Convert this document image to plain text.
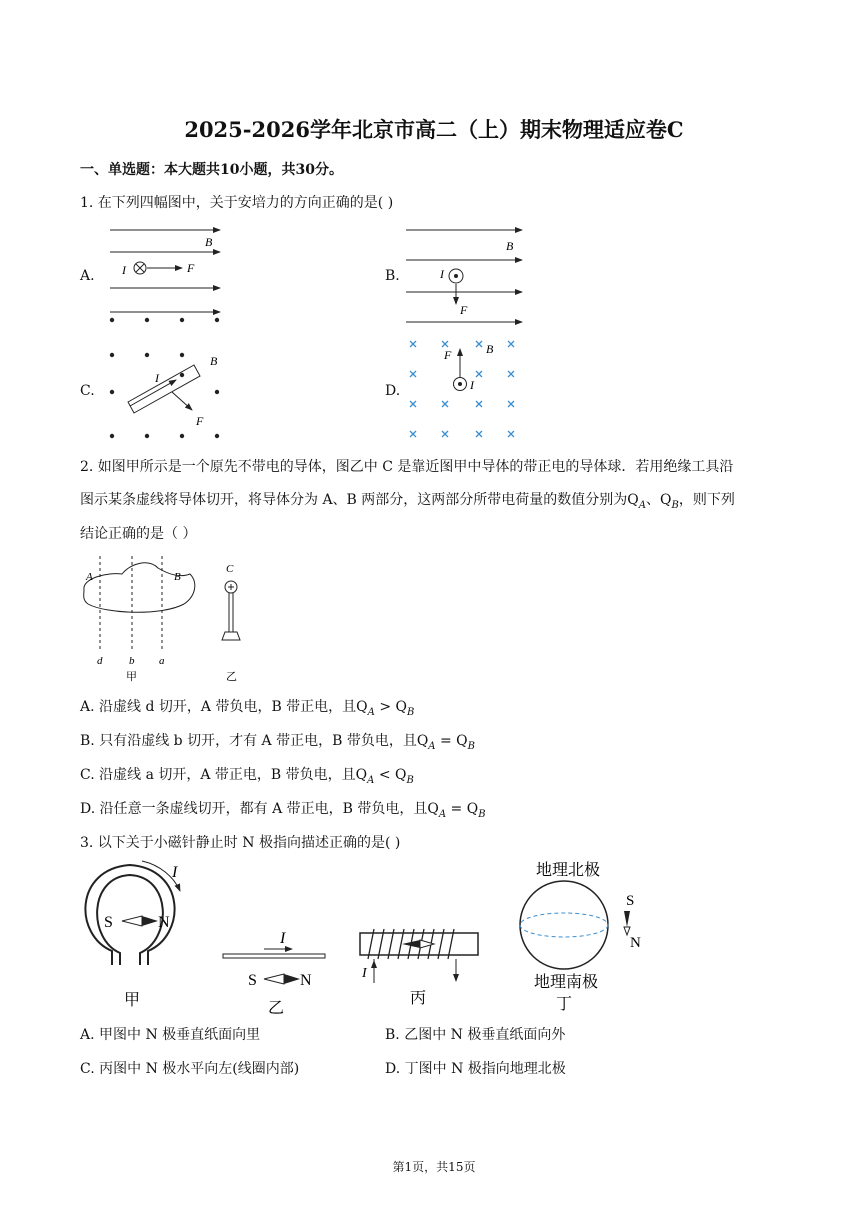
2025-2026学年北京市高二（上）期末物理适应卷C
一、单选题：本大题共10小题，共30分。
1. 在下列四幅图中，关于安培力的方向正确的是( )
A.
B
I	F	B.
B
I
F
C.
I
B
F
D.
B
F
I
2. 如图甲所示是一个原先不带电的导体，图乙中 C 是靠近图甲中导体的带正电的导体球．若用绝缘工具沿
图示某条虚线将导体切开，将导体分为 A、B 两部分，这两部分所带电荷量的数值分别为$Q_A$、$Q_B$，则下列
结论正确的是（ ）
A	B
d b a
甲
C
乙
A. 沿虚线 d 切开，A 带负电，B 带正电，且$Q_A > Q_B$
B. 只有沿虚线 b 切开，才有 A 带正电，B 带负电，且$Q_A = Q_B$
C. 沿虚线 a 切开，A 带正电，B 带负电，且$Q_A < Q_B$
D. 沿任意一条虚线切开，都有 A 带正电，B 带负电，且$Q_A = Q_B$
3. 以下关于小磁针静止时 N 极指向描述正确的是( )
I
S	N
甲
I
S	N
乙
I
丙
地理北极
地理南极
丁
S
N
A. 甲图中 N 极垂直纸面向里	B. 乙图中 N 极垂直纸面向外
C. 丙图中 N 极水平向左(线圈内部)	D. 丁图中 N 极指向地理北极
第1页，共15页
